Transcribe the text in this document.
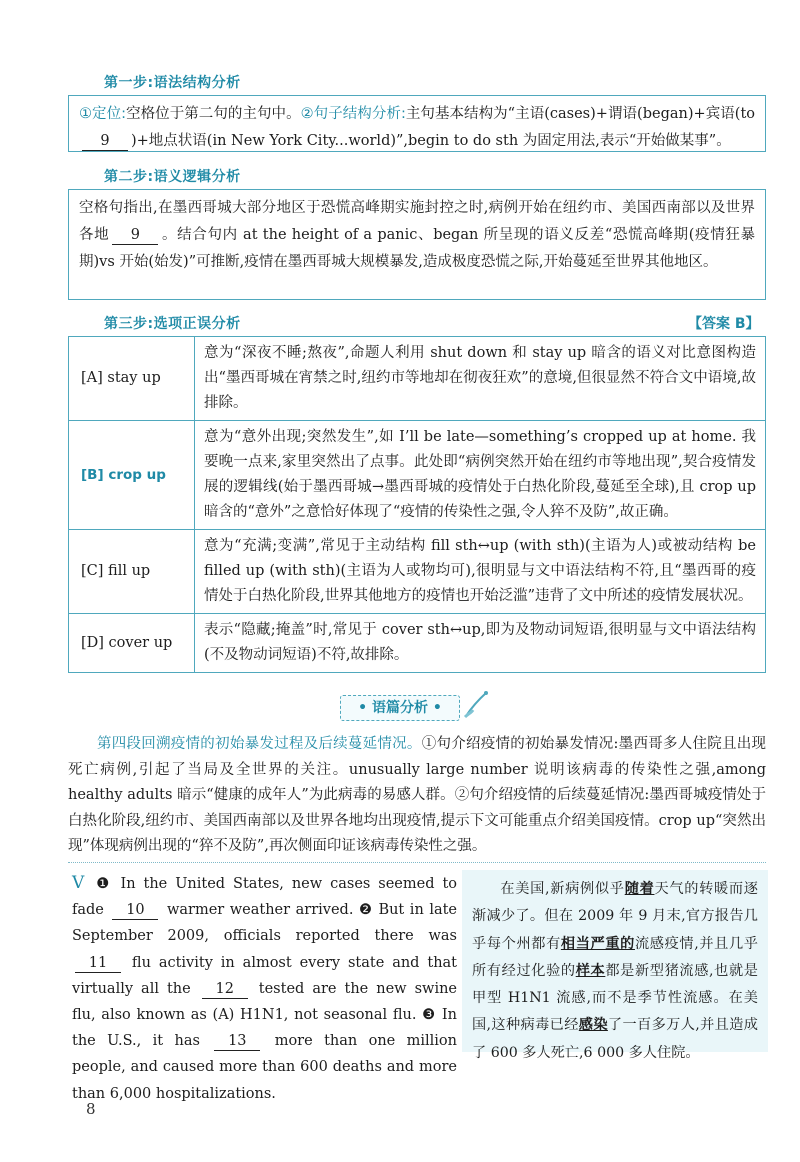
第一步:语法结构分析
①定位:空格位于第二句的主句中。②句子结构分析:主句基本结构为“主语(cases)+谓语(began)+宾语(to9 )+地点状语(in New York City...world)”,begin to do sth 为固定用法,表示“开始做某事”。
第二步:语义逻辑分析
空格句指出,在墨西哥城大部分地区于恐慌高峰期实施封控之时,病例开始在纽约市、美国西南部以及世界各地 9 。结合句内 at the height of a panic、began 所呈现的语义反差“恐慌高峰期(疫情狂暴期)vs 开始(始发)”可推断,疫情在墨西哥城大规模暴发,造成极度恐慌之际,开始蔓延至世界其他地区。
第三步:选项正误分析	【答案 B】
[A] stay up	意为“深夜不睡;熬夜”,命题人利用 shut down 和 stay up 暗含的语义对比意图构造出“墨西哥城在宵禁之时,纽约市等地却在彻夜狂欢”的意境,但很显然不符合文中语境,故排除。
[B] crop up	意为“意外出现;突然发生”,如 I’ll be late—something’s cropped up at home. 我要晚一点来,家里突然出了点事。此处即“病例突然开始在纽约市等地出现”,契合疫情发展的逻辑线(始于墨西哥城→墨西哥城的疫情处于白热化阶段,蔓延至全球),且 crop up 暗含的“意外”之意恰好体现了“疫情的传染性之强,令人猝不及防”,故正确。
[C] fill up	意为“充满;变满”,常见于主动结构 fill sth↔up (with sth)(主语为人)或被动结构 be filled up (with sth)(主语为人或物均可),很明显与文中语法结构不符,且“墨西哥的疫情处于白热化阶段,世界其他地方的疫情也开始泛滥”违背了文中所述的疫情发展状况。
[D] cover up	表示“隐藏;掩盖”时,常见于 cover sth↔up,即为及物动词短语,很明显与文中语法结构(不及物动词短语)不符,故排除。
• 语篇分析 •
第四段回溯疫情的初始暴发过程及后续蔓延情况。①句介绍疫情的初始暴发情况:墨西哥多人住院且出现死亡病例,引起了当局及全世界的关注。unusually large number 说明该病毒的传染性之强,among healthy adults 暗示“健康的成年人”为此病毒的易感人群。②句介绍疫情的后续蔓延情况:墨西哥城疫情处于白热化阶段,纽约市、美国西南部以及世界各地均出现疫情,提示下文可能重点介绍美国疫情。crop up“突然出现”体现病例出现的“猝不及防”,再次侧面印证该病毒传染性之强。
V ❶ In the United States, new cases seemed to fade 10 warmer weather arrived. ❷ But in late September 2009, officials reported there was 11 flu activity in almost every state and that virtually all the 12 tested are the new swine flu, also known as (A) H1N1, not seasonal flu. ❸ In the U.S., it has 13 more than one million people, and caused more than 600 deaths and more than 6,000 hospitalizations.
在美国,新病例似乎随着天气的转暖而逐渐减少了。但在 2009 年 9 月末,官方报告几乎每个州都有相当严重的流感疫情,并且几乎所有经过化验的样本都是新型猪流感,也就是甲型 H1N1 流感,而不是季节性流感。在美国,这种病毒已经感染了一百多万人,并且造成了 600 多人死亡,6 000 多人住院。
8
